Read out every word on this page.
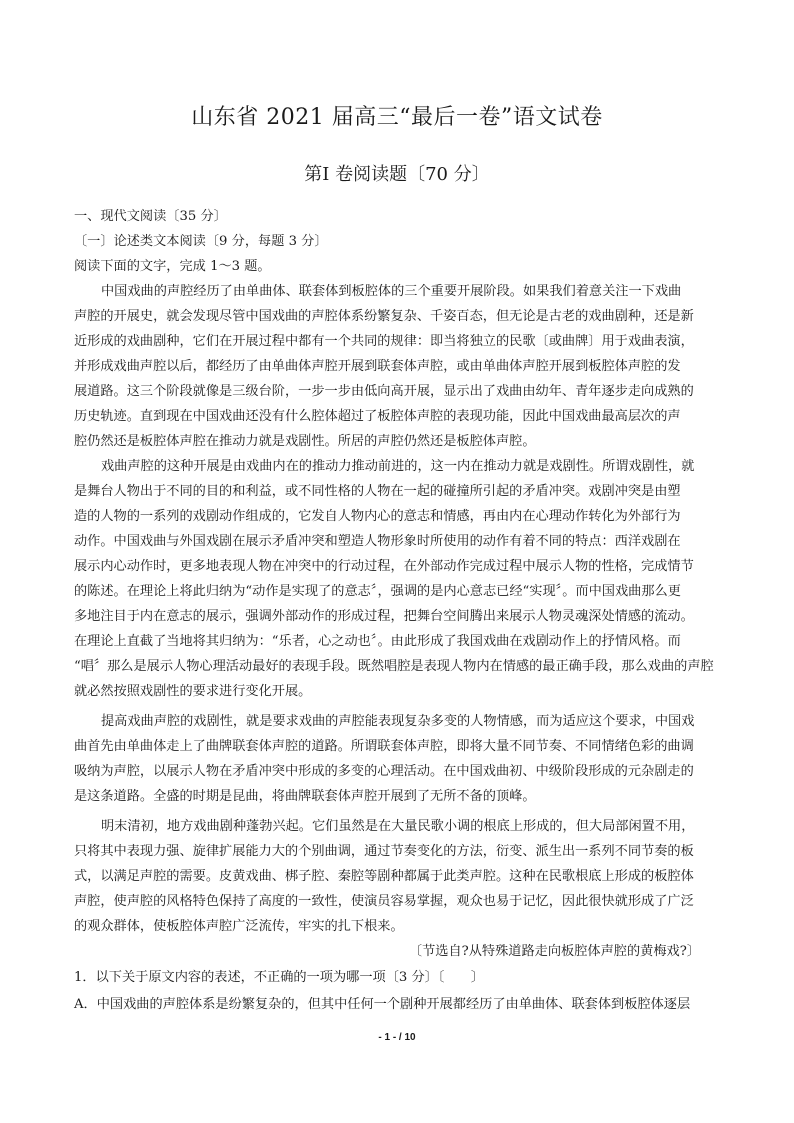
山东省 2021 届高三“最后一卷”语文试卷
第Ⅰ 卷阅读题〔70 分〕
一、现代文阅读〔35 分〕
〔一〕论述类文本阅读〔9 分，每题 3 分〕
阅读下面的文字，完成 1～3 题。
中国戏曲的声腔经历了由单曲体、联套体到板腔体的三个重要开展阶段。如果我们着意关注一下戏曲
声腔的开展史，就会发现尽管中国戏曲的声腔体系纷繁复杂、千姿百态，但无论是古老的戏曲剧种，还是新
近形成的戏曲剧种，它们在开展过程中都有一个共同的规律：即当将独立的民歌〔或曲牌〕用于戏曲表演，
并形成戏曲声腔以后，都经历了由单曲体声腔开展到联套体声腔，或由单曲体声腔开展到板腔体声腔的发
展道路。这三个阶段就像是三级台阶，一步一步由低向高开展，显示出了戏曲由幼年、青年逐步走向成熟的
历史轨迹。直到现在中国戏曲还没有什么腔体超过了板腔体声腔的表现功能，因此中国戏曲最高层次的声
腔仍然还是板腔体声腔在推动力就是戏剧性。所居的声腔仍然还是板腔体声腔。
戏曲声腔的这种开展是由戏曲内在的推动力推动前进的，这一内在推动力就是戏剧性。所谓戏剧性，就
是舞台人物出于不同的目的和利益，或不同性格的人物在一起的碰撞所引起的矛盾冲突。戏剧冲突是由塑
造的人物的一系列的戏剧动作组成的，它发自人物内心的意志和情感，再由内在心理动作转化为外部行为
动作。中国戏曲与外国戏剧在展示矛盾冲突和塑造人物形象时所使用的动作有着不同的特点：西洋戏剧在
展示内心动作时，更多地表现人物在冲突中的行动过程，在外部动作完成过程中展示人物的性格，完成情节
的陈述。在理论上将此归纳为“动作是实现了的意志〞，强调的是内心意志已经“实现〞。而中国戏曲那么更
多地注目于内在意志的展示，强调外部动作的形成过程，把舞台空间腾出来展示人物灵魂深处情感的流动。
在理论上直截了当地将其归纳为：“乐者，心之动也〞。由此形成了我国戏曲在戏剧动作上的抒情风格。而
“唱〞那么是展示人物心理活动最好的表现手段。既然唱腔是表现人物内在情感的最正确手段，那么戏曲的声腔
就必然按照戏剧性的要求进行变化开展。
提高戏曲声腔的戏剧性，就是要求戏曲的声腔能表现复杂多变的人物情感，而为适应这个要求，中国戏
曲首先由单曲体走上了曲牌联套体声腔的道路。所谓联套体声腔，即将大量不同节奏、不同情绪色彩的曲调
吸纳为声腔，以展示人物在矛盾冲突中形成的多变的心理活动。在中国戏曲初、中级阶段形成的元杂剧走的
是这条道路。全盛的时期是昆曲，将曲牌联套体声腔开展到了无所不备的顶峰。
明末清初，地方戏曲剧种蓬勃兴起。它们虽然是在大量民歌小调的根底上形成的，但大局部闲置不用，
只将其中表现力强、旋律扩展能力大的个别曲调，通过节奏变化的方法，衍变、派生出一系列不同节奏的板
式，以满足声腔的需要。皮黄戏曲、梆子腔、秦腔等剧种都属于此类声腔。这种在民歌根底上形成的板腔体
声腔，使声腔的风格特色保持了高度的一致性，使演员容易掌握，观众也易于记忆，因此很快就形成了广泛
的观众群体，使板腔体声腔广泛流传，牢实的扎下根来。
〔节选自?从特殊道路走向板腔体声腔的黄梅戏?〕
1．以下关于原文内容的表述，不正确的一项为哪一项〔3 分〕〔　　〕
A．中国戏曲的声腔体系是纷繁复杂的，但其中任何一个剧种开展都经历了由单曲体、联套体到板腔体逐层
- 1 - / 10
